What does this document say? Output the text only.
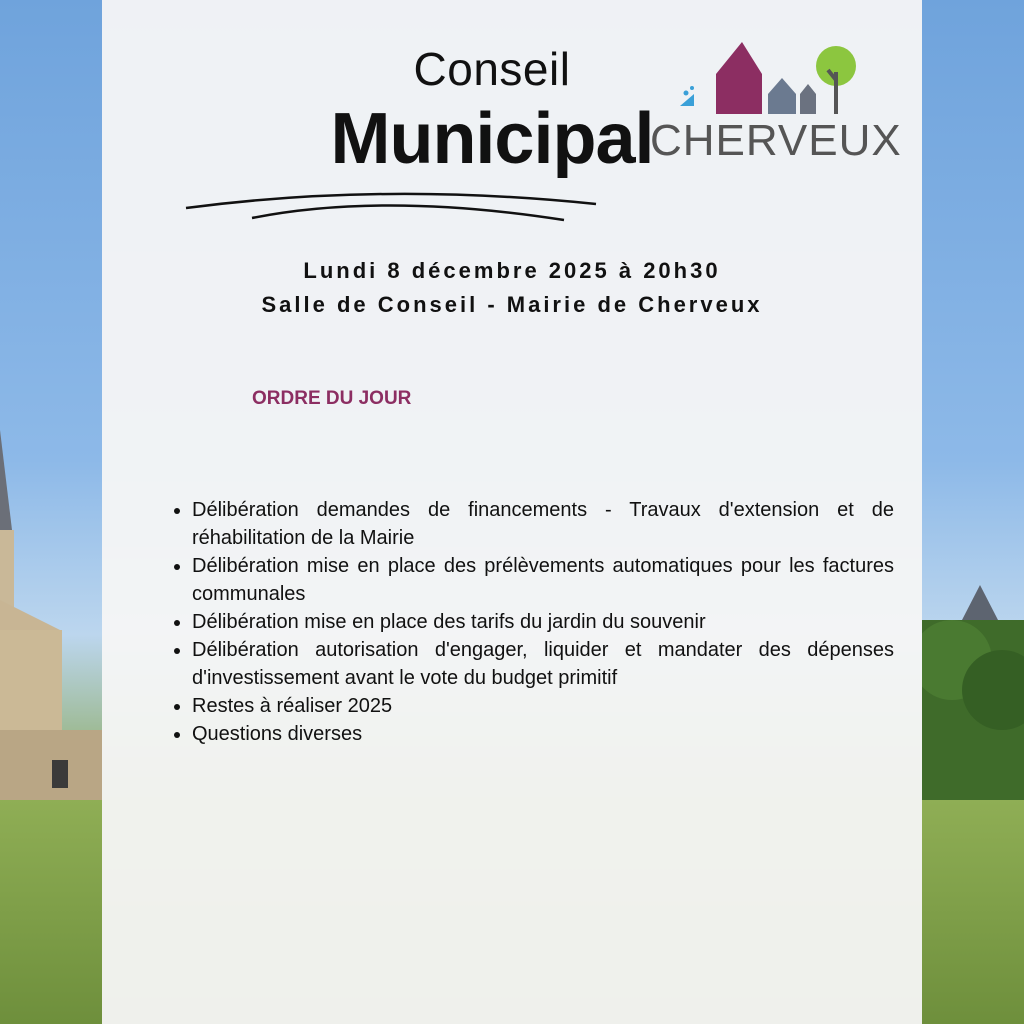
Conseil
Municipal
CHERVEUX
Lundi 8 décembre 2025 à 20h30
Salle de Conseil - Mairie de Cherveux
ORDRE DU JOUR
• Délibération demandes de financements - Travaux d'extension et de réhabilitation de la Mairie
• Délibération mise en place des prélèvements automatiques pour les factures communales
• Délibération mise en place des tarifs du jardin du souvenir
• Délibération autorisation d'engager, liquider et mandater des dépenses d'investissement avant le vote du budget primitif
• Restes à réaliser 2025
• Questions diverses
